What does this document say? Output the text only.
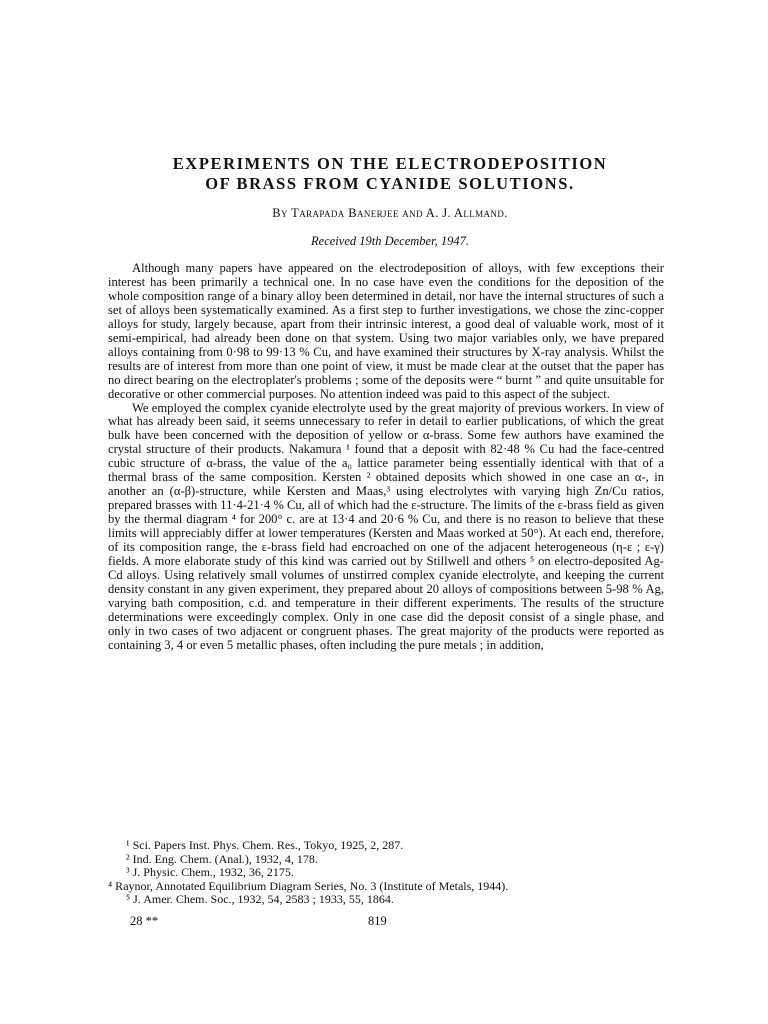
EXPERIMENTS ON THE ELECTRODEPOSITION
OF BRASS FROM CYANIDE SOLUTIONS.
By Tarapada Banerjee and A. J. Allmand.
Received 19th December, 1947.

Although many papers have appeared on the electrodeposition of alloys, with few exceptions their interest has been primarily a technical one. In no case have even the conditions for the deposition of the whole composition range of a binary alloy been determined in detail, nor have the internal structures of such a set of alloys been systematically examined. As a first step to further investigations, we chose the zinc-copper alloys for study, largely because, apart from their intrinsic interest, a good deal of valuable work, most of it semi-empirical, had already been done on that system. Using two major variables only, we have prepared alloys containing from 0·98 to 99·13 % Cu, and have examined their structures by X-ray analysis. Whilst the results are of interest from more than one point of view, it must be made clear at the outset that the paper has no direct bearing on the electroplater's problems ; some of the deposits were “ burnt ” and quite unsuitable for decorative or other commercial purposes. No attention indeed was paid to this aspect of the subject.

We employed the complex cyanide electrolyte used by the great majority of previous workers. In view of what has already been said, it seems unnecessary to refer in detail to earlier publications, of which the great bulk have been concerned with the deposition of yellow or α-brass. Some few authors have examined the crystal structure of their products. Nakamura ¹ found that a deposit with 82·48 % Cu had the face-centred cubic structure of α-brass, the value of the a₀ lattice parameter being essentially identical with that of a thermal brass of the same composition. Kersten ² obtained deposits which showed in one case an α-, in another an (α-β)-structure, while Kersten and Maas,³ using electrolytes with varying high Zn/Cu ratios, prepared brasses with 11·4-21·4 % Cu, all of which had the ε-structure. The limits of the ε-brass field as given by the thermal diagram ⁴ for 200° c. are at 13·4 and 20·6 % Cu, and there is no reason to believe that these limits will appreciably differ at lower temperatures (Kersten and Maas worked at 50°). At each end, therefore, of its composition range, the ε-brass field had encroached on one of the adjacent heterogeneous (η-ε ; ε-γ) fields. A more elaborate study of this kind was carried out by Stillwell and others ⁵ on electro-deposited Ag-Cd alloys. Using relatively small volumes of unstirred complex cyanide electrolyte, and keeping the current density constant in any given experiment, they prepared about 20 alloys of compositions between 5-98 % Ag, varying bath composition, c.d. and temperature in their different experiments. The results of the structure determinations were exceedingly complex. Only in one case did the deposit consist of a single phase, and only in two cases of two adjacent or congruent phases. The great majority of the products were reported as containing 3, 4 or even 5 metallic phases, often including the pure metals ; in addition,

¹ Sci. Papers Inst. Phys. Chem. Res., Tokyo, 1925, 2, 287.

² Ind. Eng. Chem. (Anal.), 1932, 4, 178.

³ J. Physic. Chem., 1932, 36, 2175.

⁴ Raynor, Annotated Equilibrium Diagram Series, No. 3 (Institute of Metals, 1944).

⁵ J. Amer. Chem. Soc., 1932, 54, 2583 ; 1933, 55, 1864.

28 **	819
